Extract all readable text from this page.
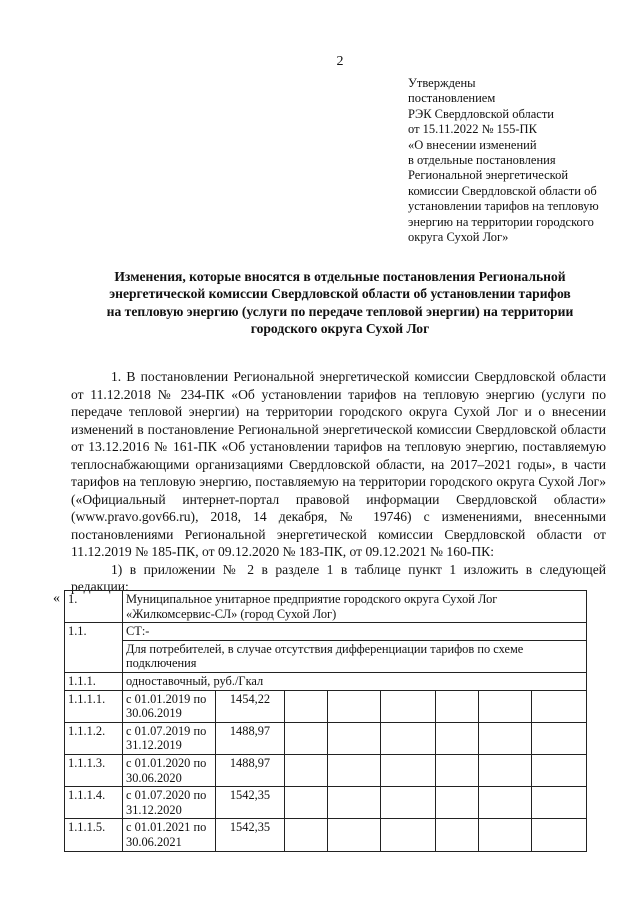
2
Утверждены
постановлением
РЭК Свердловской области
от 15.11.2022 № 155-ПК
«О внесении изменений
в отдельные постановления
Региональной энергетической
комиссии Свердловской области об
установлении тарифов на тепловую
энергию на территории городского
округа Сухой Лог»
Изменения, которые вносятся в отдельные постановления Региональной
энергетической комиссии Свердловской области об установлении тарифов
на тепловую энергию (услуги по передаче тепловой энергии) на территории
городского округа Сухой Лог

1. В постановлении Региональной энергетической комиссии Свердловской области от 11.12.2018 № 234-ПК «Об установлении тарифов на тепловую энергию (услуги по передаче тепловой энергии) на территории городского округа Сухой Лог и о внесении изменений в постановление Региональной энергетической комиссии Свердловской области от 13.12.2016 № 161-ПК «Об установлении тарифов на тепловую энергию, поставляемую теплоснабжающими организациями Свердловской области, на 2017–2021 годы», в части тарифов на тепловую энергию, поставляемую на территории городского округа Сухой Лог» («Официальный интернет-портал правовой информации Свердловской области» (www.pravo.gov66.ru), 2018, 14 декабря, № 19746) с изменениями, внесенными постановлениями Региональной энергетической комиссии Свердловской области от 11.12.2019 № 185-ПК, от 09.12.2020 № 183-ПК, от 09.12.2021 № 160-ПК:

1) в приложении № 2 в разделе 1 в таблице пункт 1 изложить в следующей редакции:

« 1.	Муниципальное унитарное предприятие городского округа Сухой Лог «Жилкомсервис-СЛ» (город Сухой Лог)							
1.1.	СТ:-
Для потребителей, в случае отсутствия дифференциации тарифов по схеме подключения							

1.1.1.	одноставочный, руб./Гкал							
1.1.1.1.	с 01.01.2019 по 30.06.2019	1454,22						
1.1.1.2.	с 01.07.2019 по 31.12.2019	1488,97						
1.1.1.3.	с 01.01.2020 по 30.06.2020	1488,97						
1.1.1.4.	с 01.07.2020 по 31.12.2020	1542,35						
1.1.1.5.	с 01.01.2021 по 30.06.2021	1542,35						
